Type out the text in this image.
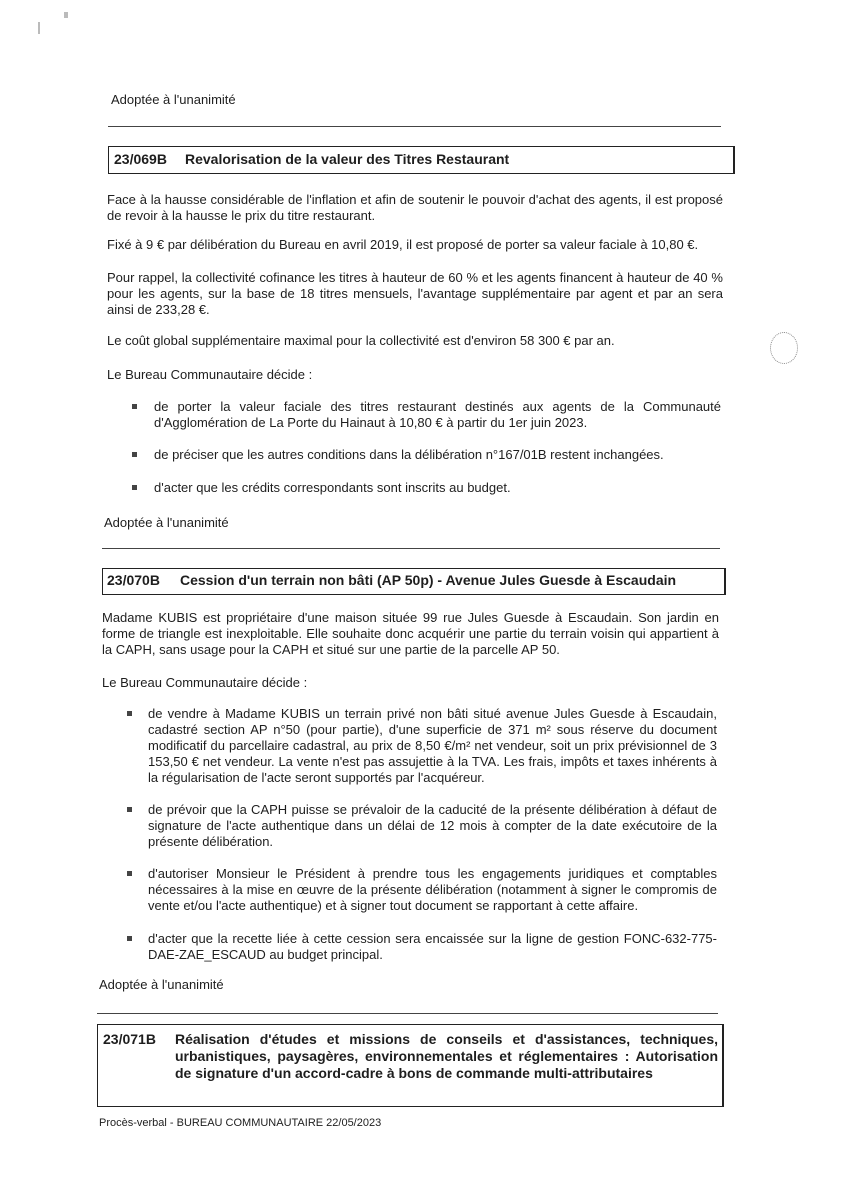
Adoptée à l'unanimité
23/069B Revalorisation de la valeur des Titres Restaurant

Face à la hausse considérable de l'inflation et afin de soutenir le pouvoir d'achat des agents, il est proposé de revoir à la hausse le prix du titre restaurant.

Fixé à 9 € par délibération du Bureau en avril 2019, il est proposé de porter sa valeur faciale à 10,80 €.

Pour rappel, la collectivité cofinance les titres à hauteur de 60 % et les agents financent à hauteur de 40 % pour les agents, sur la base de 18 titres mensuels, l'avantage supplémentaire par agent et par an sera ainsi de 233,28 €.

Le coût global supplémentaire maximal pour la collectivité est d'environ 58 300 € par an.

Le Bureau Communautaire décide :

de porter la valeur faciale des titres restaurant destinés aux agents de la Communauté d'Agglomération de La Porte du Hainaut à 10,80 € à partir du 1er juin 2023.

de préciser que les autres conditions dans la délibération n°167/01B restent inchangées.

d'acter que les crédits correspondants sont inscrits au budget.

Adoptée à l'unanimité
23/070B Cession d'un terrain non bâti (AP 50p) - Avenue Jules Guesde à Escaudain

Madame KUBIS est propriétaire d'une maison située 99 rue Jules Guesde à Escaudain. Son jardin en forme de triangle est inexploitable. Elle souhaite donc acquérir une partie du terrain voisin qui appartient à la CAPH, sans usage pour la CAPH et situé sur une partie de la parcelle AP 50.

Le Bureau Communautaire décide :

de vendre à Madame KUBIS un terrain privé non bâti situé avenue Jules Guesde à Escaudain, cadastré section AP n°50 (pour partie), d'une superficie de 371 m² sous réserve du document modificatif du parcellaire cadastral, au prix de 8,50 €/m² net vendeur, soit un prix prévisionnel de 3 153,50 € net vendeur. La vente n'est pas assujettie à la TVA. Les frais, impôts et taxes inhérents à la régularisation de l'acte seront supportés par l'acquéreur.

de prévoir que la CAPH puisse se prévaloir de la caducité de la présente délibération à défaut de signature de l'acte authentique dans un délai de 12 mois à compter de la date exécutoire de la présente délibération.

d'autoriser Monsieur le Président à prendre tous les engagements juridiques et comptables nécessaires à la mise en œuvre de la présente délibération (notamment à signer le compromis de vente et/ou l'acte authentique) et à signer tout document se rapportant à cette affaire.

d'acter que la recette liée à cette cession sera encaissée sur la ligne de gestion FONC-632-775-DAE-ZAE_ESCAUD au budget principal.

Adoptée à l'unanimité
23/071B Réalisation d'études et missions de conseils et d'assistances, techniques, urbanistiques, paysagères, environnementales et réglementaires : Autorisation de signature d'un accord-cadre à bons de commande multi-attributaires
Procès-verbal - BUREAU COMMUNAUTAIRE 22/05/2023
